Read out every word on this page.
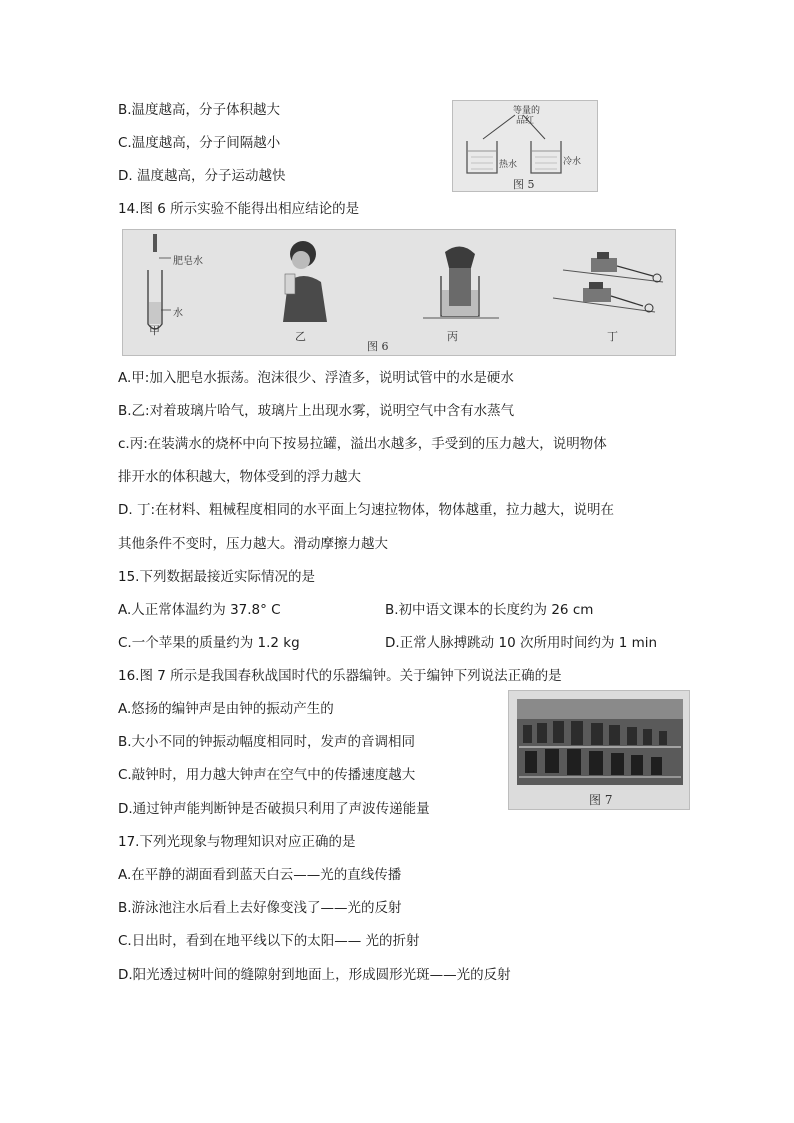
B.温度越高，分子体积越大
C.温度越高，分子间隔越小
D. 温度越高，分子运动越快
等量的
品红
热水	冷水
图 5
14.图 6 所示实验不能得出相应结论的是
肥皂水
水
甲	乙	丙	丁
图 6
A.甲:加入肥皂水振荡。泡沫很少、浮渣多，说明试管中的水是硬水
B.乙:对着玻璃片哈气，玻璃片上出现水雾，说明空气中含有水蒸气
c.丙:在装满水的烧杯中向下按易拉罐，溢出水越多，手受到的压力越大，说明物体
排开水的体积越大，物体受到的浮力越大
D. 丁:在材料、粗械程度相同的水平面上匀速拉物体，物体越重，拉力越大，说明在
其他条件不变时，压力越大。滑动摩擦力越大
15.下列数据最接近实际情况的是
A.人正常体温约为 37.8° C	B.初中语文课本的长度约为 26 cm
C.一个苹果的质量约为 1.2 kg	D.正常人脉搏跳动 10 次所用时间约为 1 min
16.图 7 所示是我国春秋战国时代的乐器编钟。关于编钟下列说法正确的是
A.悠扬的编钟声是由钟的振动产生的
B.大小不同的钟振动幅度相同时，发声的音调相同
C.敲钟时，用力越大钟声在空气中的传播速度越大
D.通过钟声能判断钟是否破损只利用了声波传递能量
图 7
17.下列光现象与物理知识对应正确的是
A.在平静的湖面看到蓝天白云——光的直线传播
B.游泳池注水后看上去好像变浅了——光的反射
C.日出时，看到在地平线以下的太阳—— 光的折射
D.阳光透过树叶间的缝隙射到地面上，形成圆形光斑——光的反射
